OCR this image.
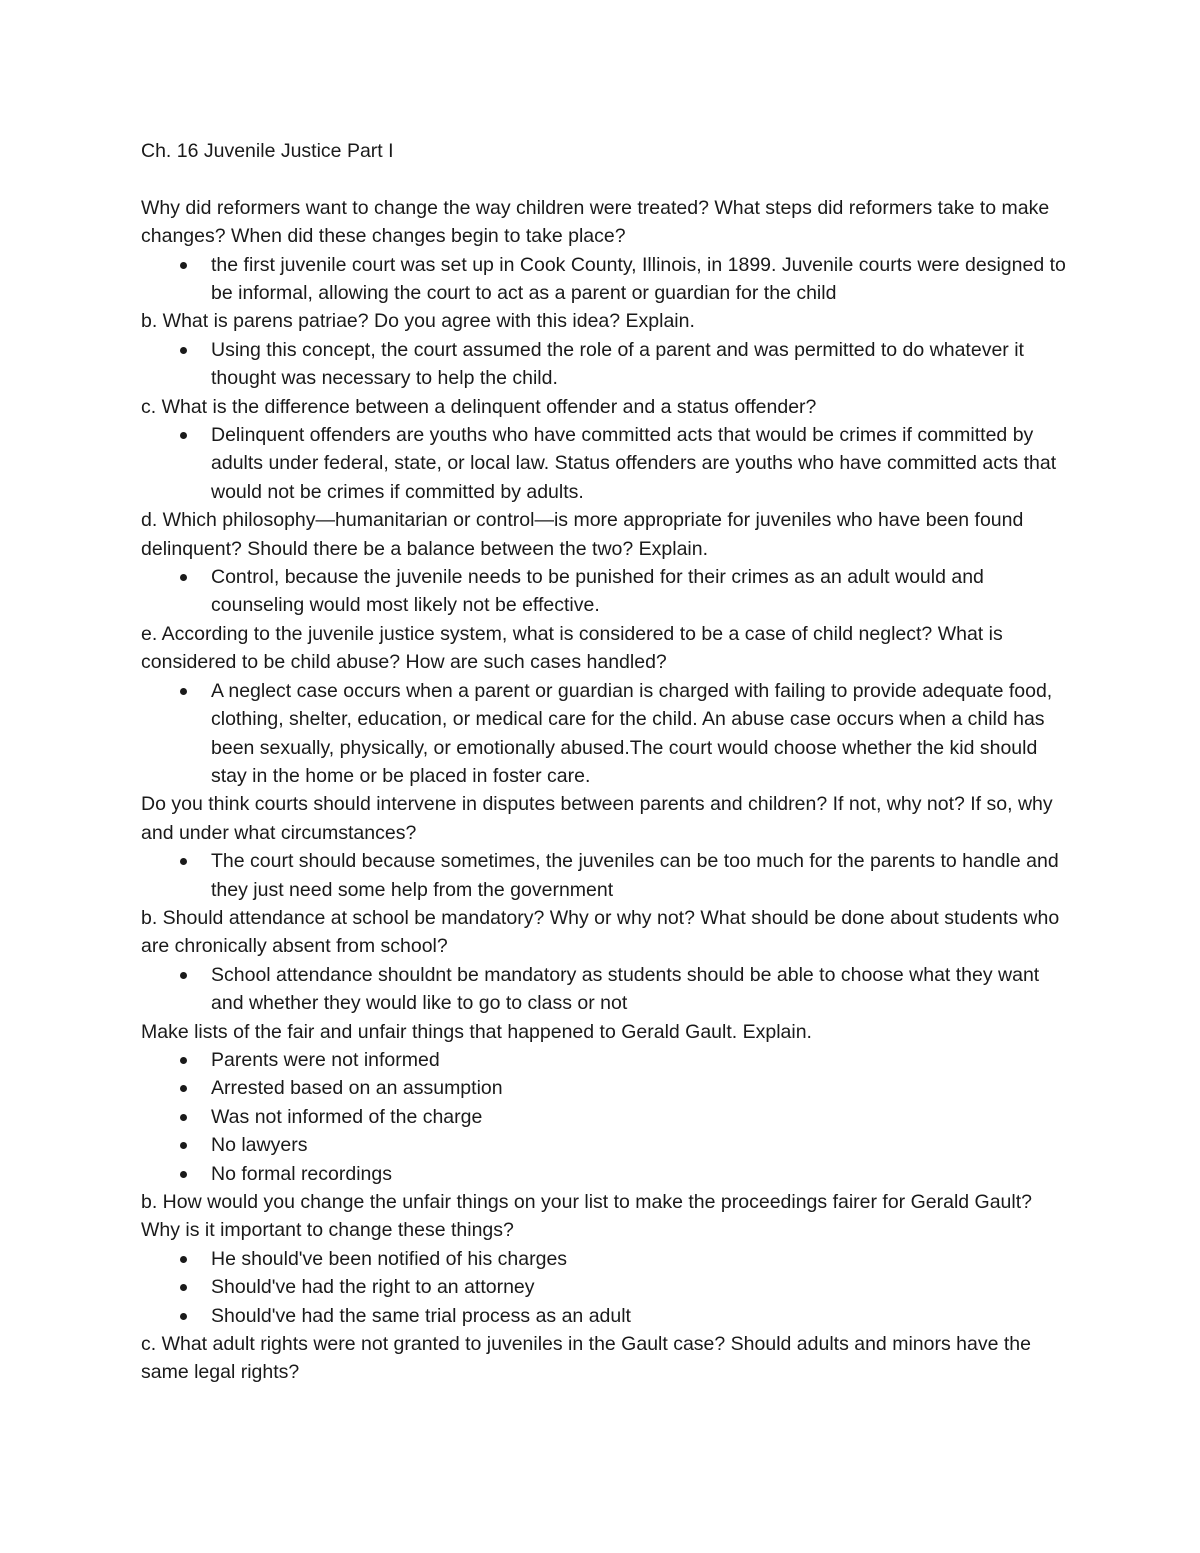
Ch. 16 Juvenile Justice Part I

Why did reformers want to change the way children were treated? What steps did reformers take to make changes? When did these changes begin to take place?

the first juvenile court was set up in Cook County, Illinois, in 1899. Juvenile courts were designed to be informal, allowing the court to act as a parent or guardian for the child

b. What is parens patriae? Do you agree with this idea? Explain.

Using this concept, the court assumed the role of a parent and was permitted to do whatever it thought was necessary to help the child.

c. What is the difference between a delinquent offender and a status offender?

Delinquent offenders are youths who have committed acts that would be crimes if committed by adults under federal, state, or local law. Status offenders are youths who have committed acts that would not be crimes if committed by adults.

d. Which philosophy—humanitarian or control—is more appropriate for juveniles who have been found delinquent? Should there be a balance between the two? Explain.

Control, because the juvenile needs to be punished for their crimes as an adult would and counseling would most likely not be effective.

e. According to the juvenile justice system, what is considered to be a case of child neglect? What is considered to be child abuse? How are such cases handled?

A neglect case occurs when a parent or guardian is charged with failing to provide adequate food, clothing, shelter, education, or medical care for the child. An abuse case occurs when a child has been sexually, physically, or emotionally abused.The court would choose whether the kid should stay in the home or be placed in foster care.

Do you think courts should intervene in disputes between parents and children? If not, why not? If so, why and under what circumstances?

The court should because sometimes, the juveniles can be too much for the parents to handle and they just need some help from the government

b. Should attendance at school be mandatory? Why or why not? What should be done about students who are chronically absent from school?

School attendance shouldnt be mandatory as students should be able to choose what they want and whether they would like to go to class or not

Make lists of the fair and unfair things that happened to Gerald Gault. Explain.

Parents were not informed
Arrested based on an assumption
Was not informed of the charge
No lawyers
No formal recordings

b. How would you change the unfair things on your list to make the proceedings fairer for Gerald Gault? Why is it important to change these things?

He should've been notified of his charges
Should've had the right to an attorney
Should've had the same trial process as an adult

c. What adult rights were not granted to juveniles in the Gault case? Should adults and minors have the same legal rights?
